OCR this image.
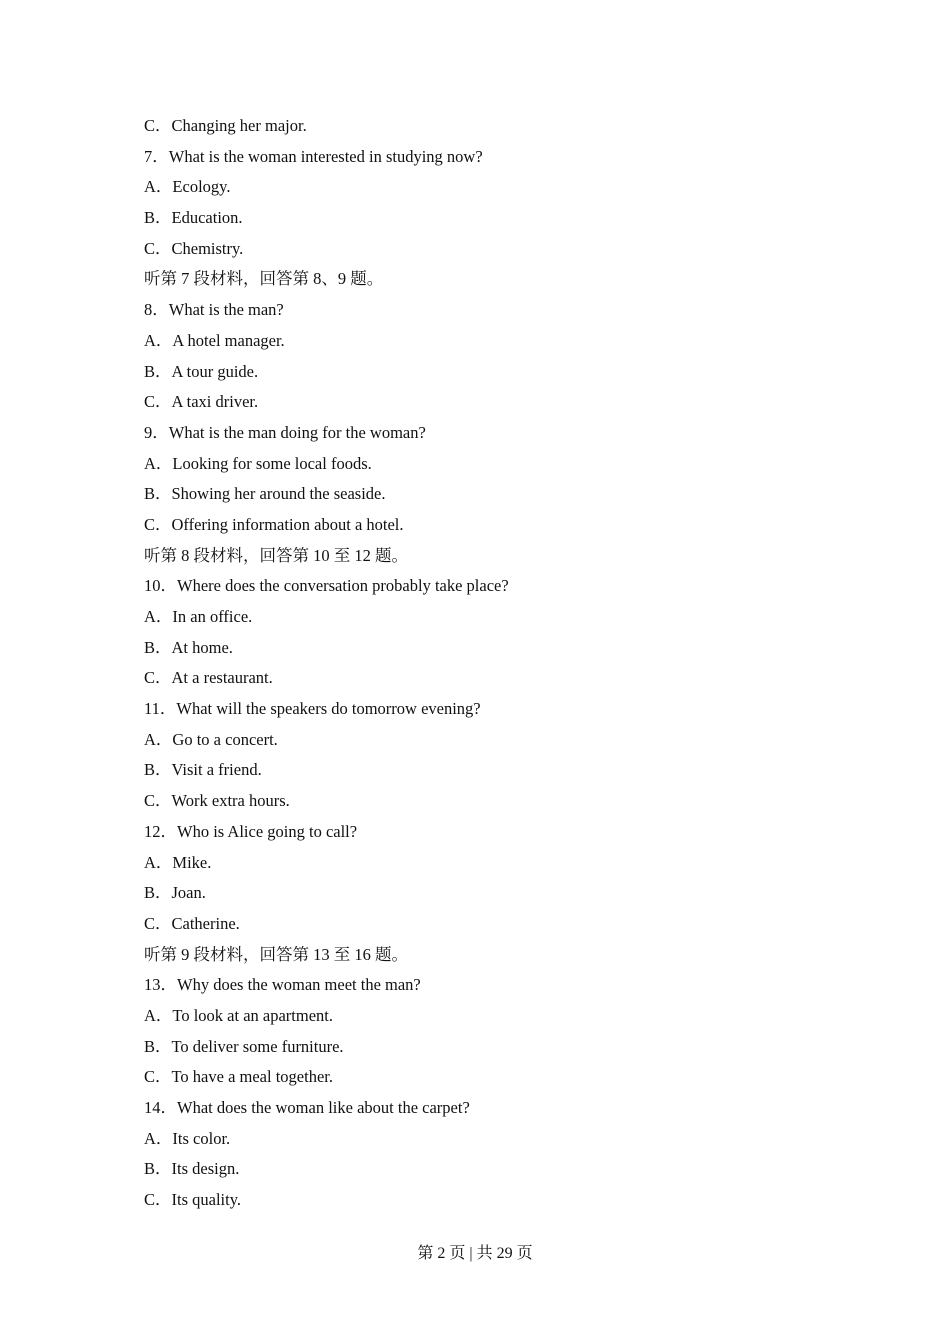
C．Changing her major.
7．What is the woman interested in studying now?
A．Ecology.
B．Education.
C．Chemistry.
听第 7 段材料，回答第 8、9 题。
8．What is the man?
A．A hotel manager.
B．A tour guide.
C．A taxi driver.
9．What is the man doing for the woman?
A．Looking for some local foods.
B．Showing her around the seaside.
C．Offering information about a hotel.
听第 8 段材料，回答第 10 至 12 题。
10．Where does the conversation probably take place?
A．In an office.
B．At home.
C．At a restaurant.
11．What will the speakers do tomorrow evening?
A．Go to a concert.
B．Visit a friend.
C．Work extra hours.
12．Who is Alice going to call?
A．Mike.
B．Joan.
C．Catherine.
听第 9 段材料，回答第 13 至 16 题。
13．Why does the woman meet the man?
A．To look at an apartment.
B．To deliver some furniture.
C．To have a meal together.
14．What does the woman like about the carpet?
A．Its color.
B．Its design.
C．Its quality.
第 2 页 | 共 29 页
